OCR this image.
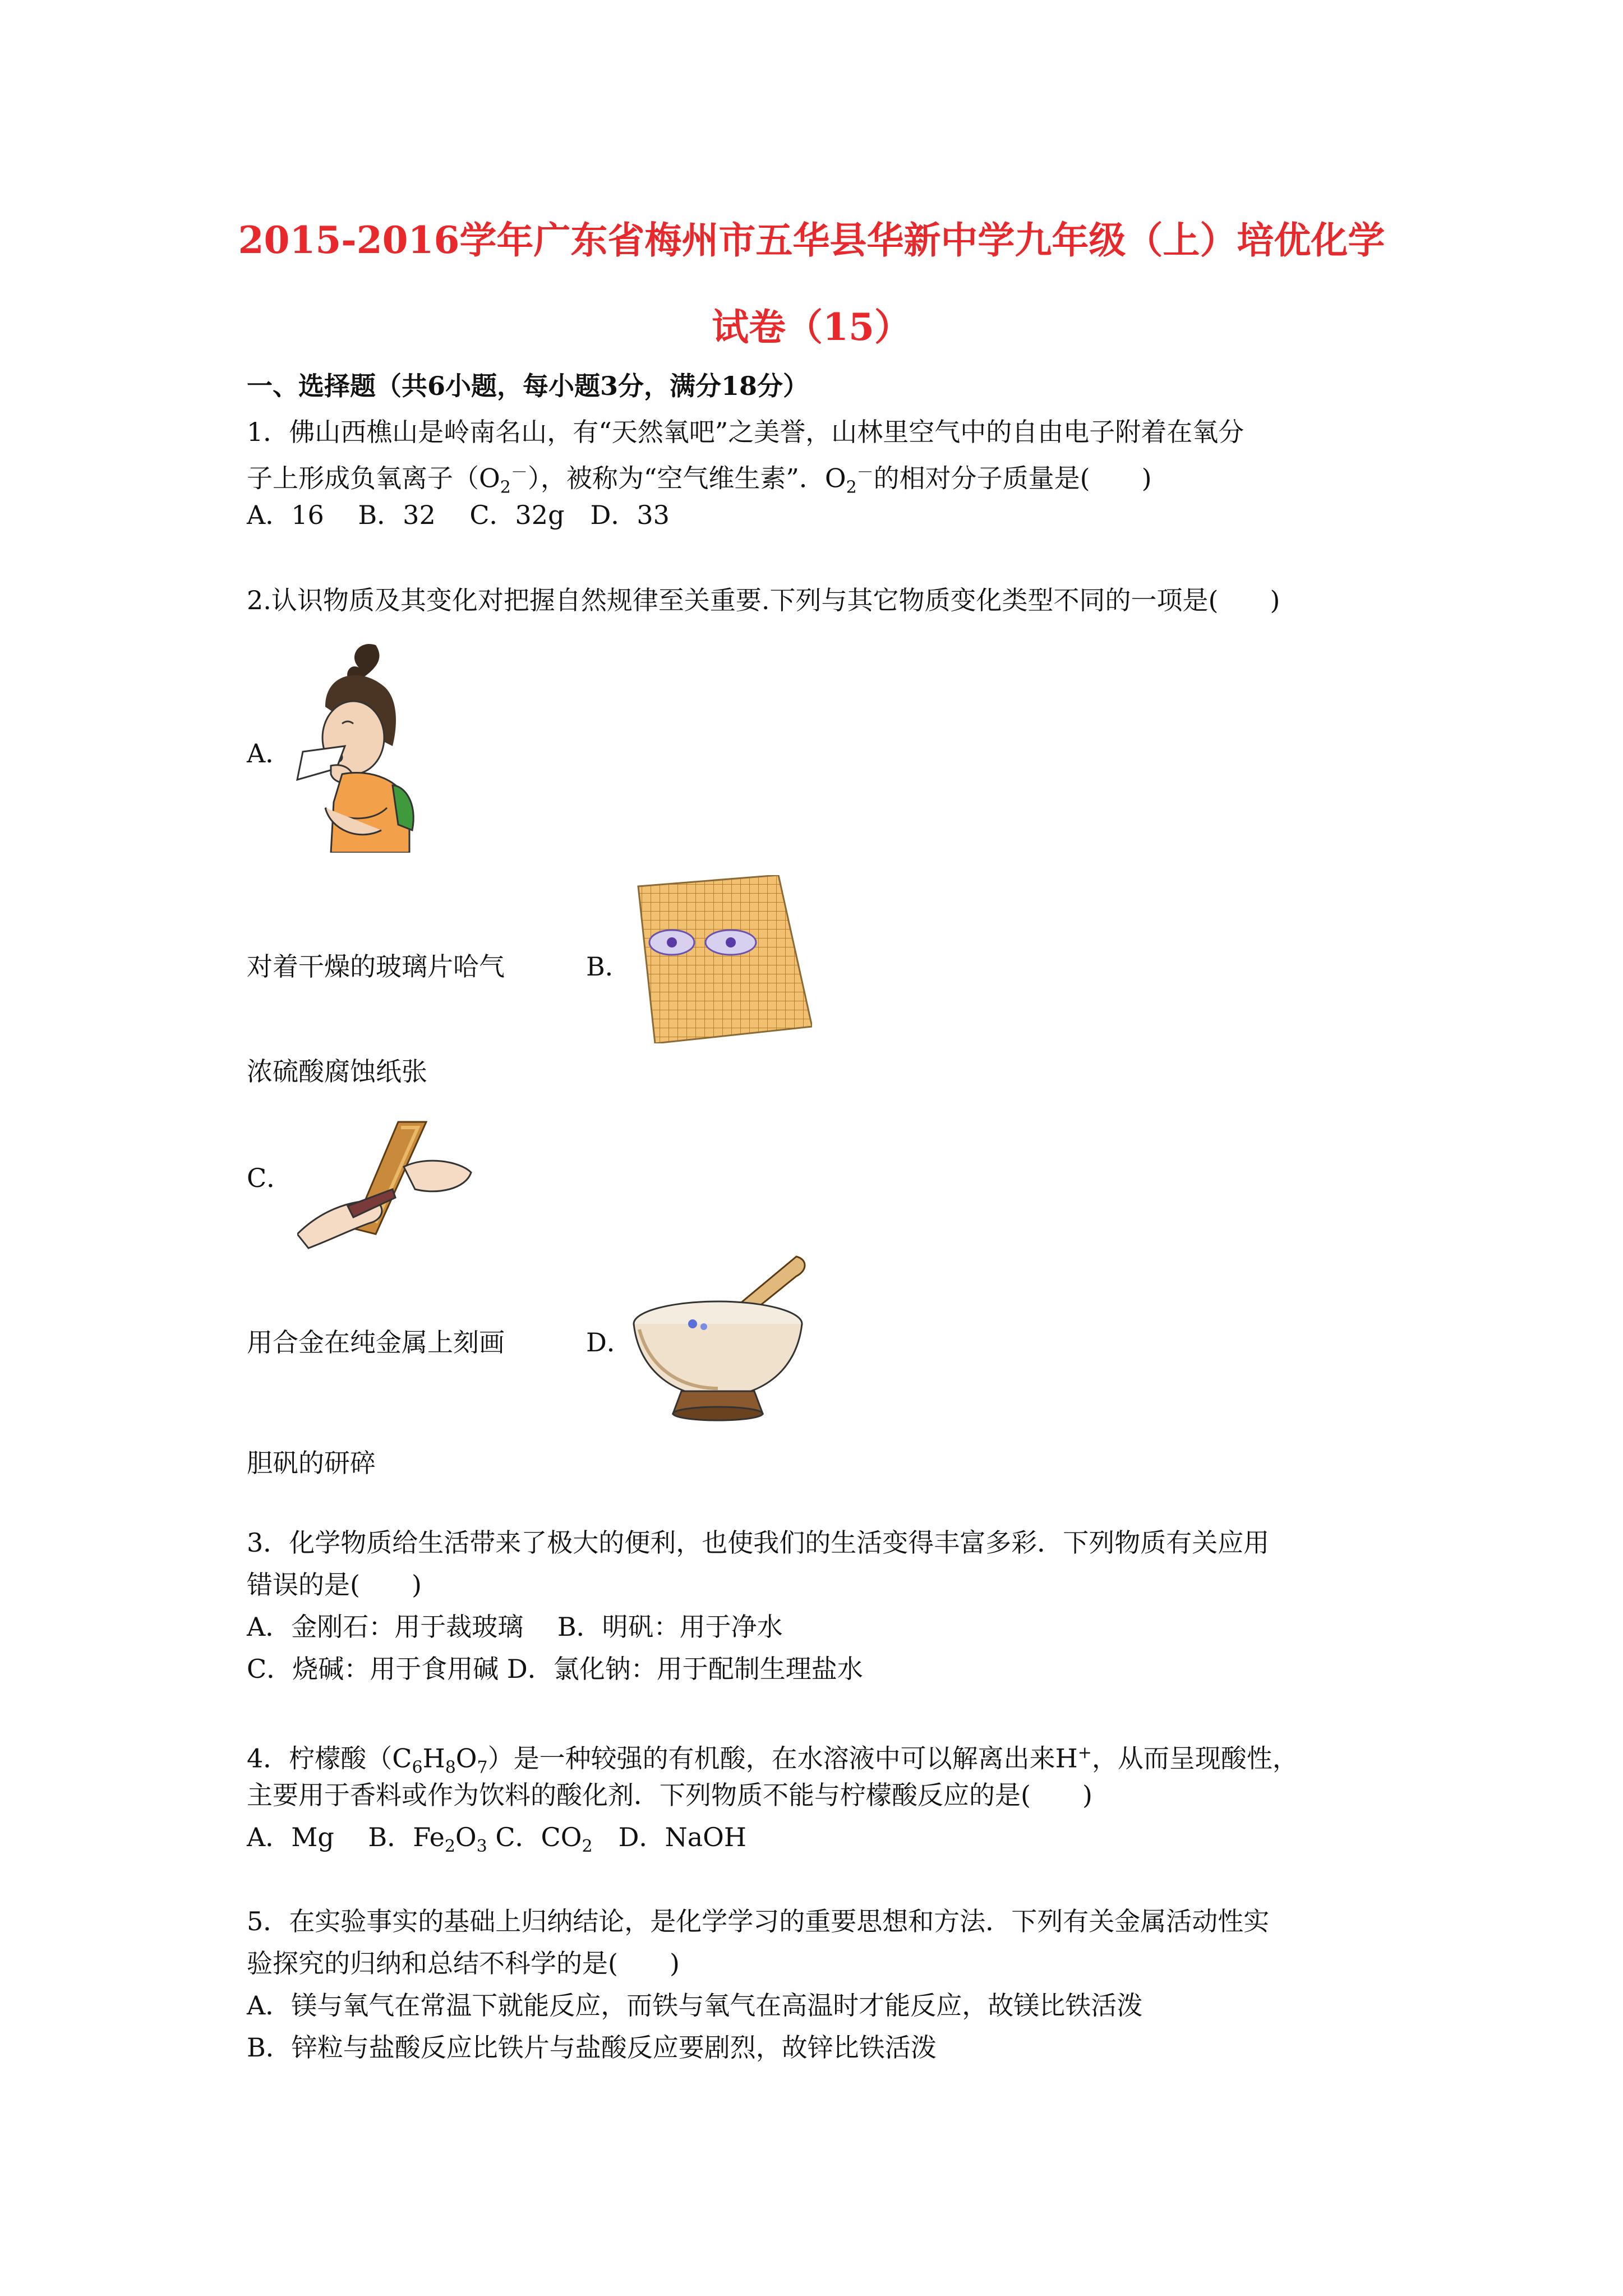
2015-2016学年广东省梅州市五华县华新中学九年级（上）培优化学
试卷（15）
一、选择题（共6小题，每小题3分，满分18分）
1．佛山西樵山是岭南名山，有“天然氧吧”之美誉，山林里空气中的自由电子附着在氧分
子上形成负氧离子$(O_2^-)$，被称为“空气维生素”．$O_2^-$的相对分子质量是(　　)
A．16　 B．32　 C．32g　D．33
2.认识物质及其变化对把握自然规律至关重要.下列与其它物质变化类型不同的一项是(　　)
A．
对着干燥的玻璃片哈气	B．
浓硫酸腐蚀纸张
C．
用合金在纯金属上刻画	D．
胆矾的研碎
3．化学物质给生活带来了极大的便利，也使我们的生活变得丰富多彩．下列物质有关应用
错误的是(　　)
A．金刚石：用于裁玻璃　 B．明矾：用于净水
C．烧碱：用于食用碱 D．氯化钠：用于配制生理盐水
4．柠檬酸$(C_6H_8O_7)$是一种较强的有机酸，在水溶液中可以解离出来H+，从而呈现酸性，
主要用于香料或作为饮料的酸化剂．下列物质不能与柠檬酸反应的是(　　)
A．Mg　 B．$Fe_2O_3$ C．$CO_2$　D．NaOH
5．在实验事实的基础上归纳结论，是化学学习的重要思想和方法．下列有关金属活动性实
验探究的归纳和总结不科学的是(　　)
A．镁与氧气在常温下就能反应，而铁与氧气在高温时才能反应，故镁比铁活泼
B．锌粒与盐酸反应比铁片与盐酸反应要剧烈，故锌比铁活泼
